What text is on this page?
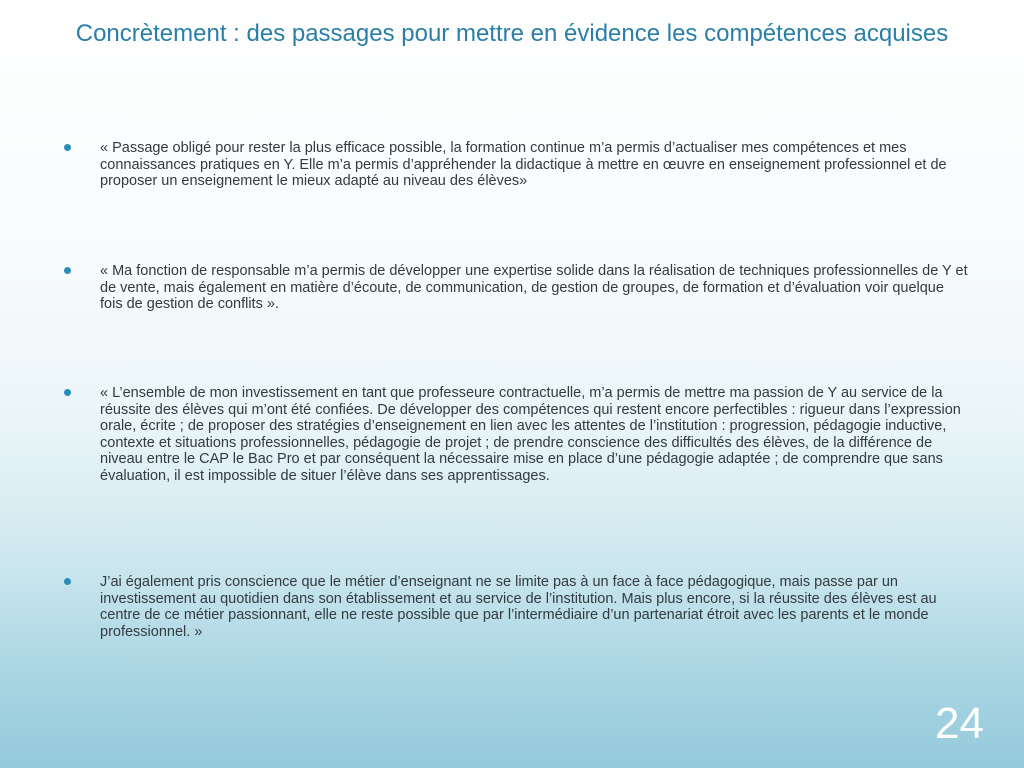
Concrètement : des passages pour mettre en évidence les compétences acquises
« Passage obligé pour rester la plus efficace possible, la formation continue m’a permis d’actualiser mes compétences et mes connaissances pratiques en Y. Elle m’a permis d’appréhender la didactique à mettre en œuvre en enseignement professionnel et de proposer un enseignement le mieux adapté au niveau des élèves»
« Ma fonction de responsable m’a permis de développer une expertise solide dans la réalisation de techniques professionnelles de Y et de vente, mais également en matière d’écoute, de communication, de gestion de groupes, de formation et d’évaluation voir quelque fois de gestion de conflits ».
« L’ensemble de mon investissement en tant que professeure contractuelle, m’a permis de mettre ma passion de Y au service de la réussite des élèves qui m’ont été confiées. De développer des compétences qui restent encore perfectibles : rigueur dans l’expression orale, écrite ; de proposer des stratégies d’enseignement en lien avec les attentes de l’institution : progression, pédagogie inductive, contexte et situations professionnelles, pédagogie de projet ; de prendre conscience des difficultés des élèves, de la différence de niveau entre le CAP le Bac Pro et par conséquent la nécessaire mise en place d’une pédagogie adaptée ; de comprendre que sans évaluation, il est impossible de situer l’élève dans ses apprentissages.
J’ai également pris conscience que le métier d’enseignant ne se limite pas à un face à face pédagogique, mais passe par un investissement au quotidien dans son établissement et au service de l’institution. Mais plus encore, si la réussite des élèves est au centre de ce métier passionnant, elle ne reste possible que par l’intermédiaire d’un partenariat étroit avec les parents et le monde professionnel. »
24
